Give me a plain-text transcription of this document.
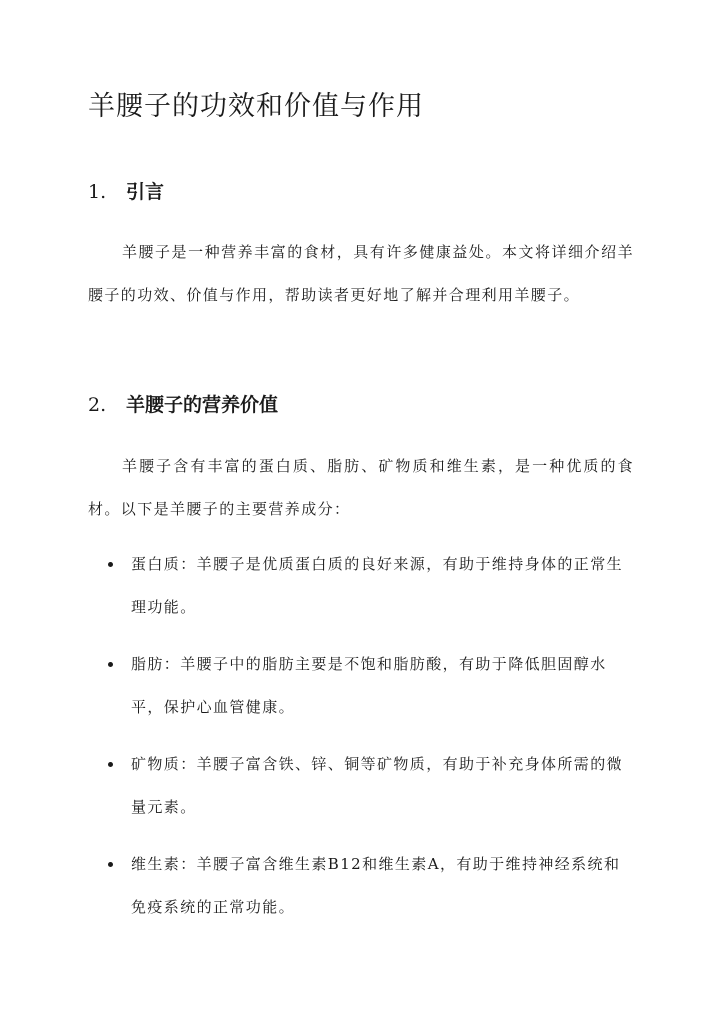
羊腰子的功效和价值与作用
1. 引言

羊腰子是一种营养丰富的食材，具有许多健康益处。本文将详细介绍羊腰子的功效、价值与作用，帮助读者更好地了解并合理利用羊腰子。

2. 羊腰子的营养价值

羊腰子含有丰富的蛋白质、脂肪、矿物质和维生素，是一种优质的食材。以下是羊腰子的主要营养成分：

蛋白质：羊腰子是优质蛋白质的良好来源，有助于维持身体的正常生理功能。
脂肪：羊腰子中的脂肪主要是不饱和脂肪酸，有助于降低胆固醇水平，保护心血管健康。
矿物质：羊腰子富含铁、锌、铜等矿物质，有助于补充身体所需的微量元素。
维生素：羊腰子富含维生素B12和维生素A，有助于维持神经系统和免疫系统的正常功能。
